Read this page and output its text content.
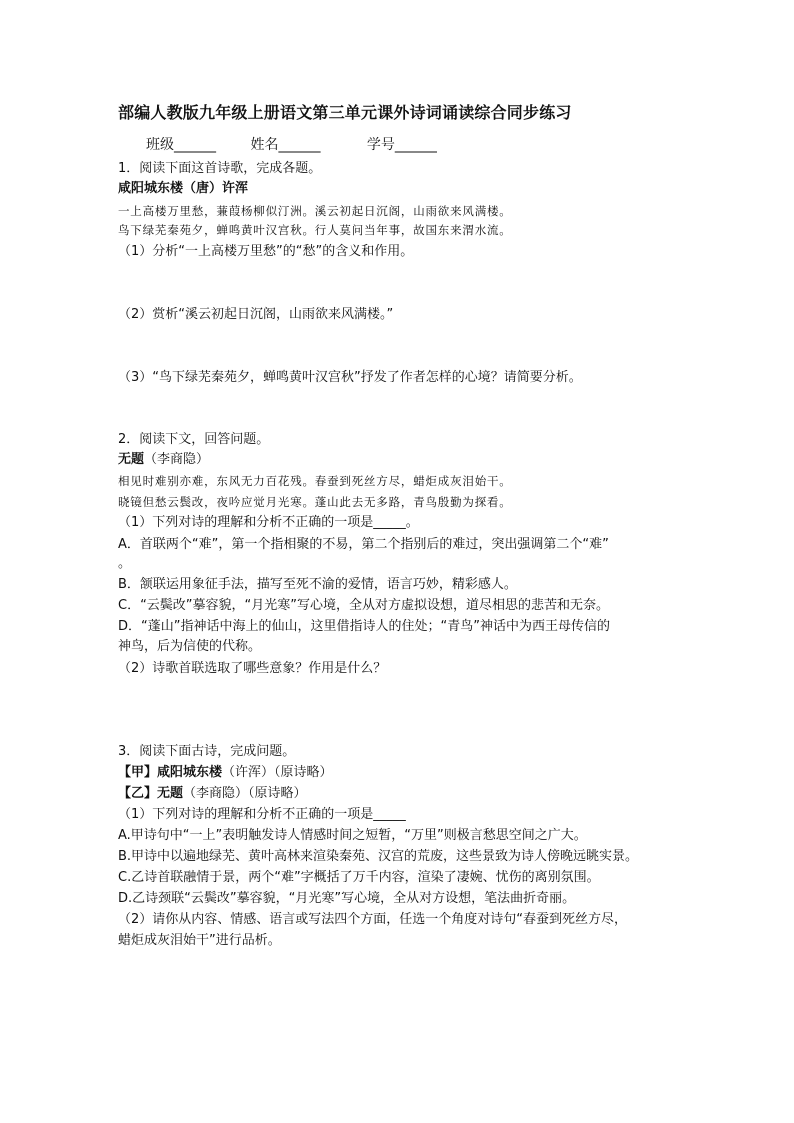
部编人教版九年级上册语文第三单元课外诗词诵读综合同步练习
班级______ 姓名______	学号______
1．阅读下面这首诗歌，完成各题。
咸阳城东楼（唐）许浑
一上高楼万里愁，蒹葭杨柳似汀洲。溪云初起日沉阁，山雨欲来风满楼。
鸟下绿芜秦苑夕，蝉鸣黄叶汉宫秋。行人莫问当年事，故国东来渭水流。
（1）分析“一上高楼万里愁”的“愁”的含义和作用。
（2）赏析“溪云初起日沉阁，山雨欲来风满楼。”
（3）“鸟下绿芜秦苑夕，蝉鸣黄叶汉宫秋”抒发了作者怎样的心境？请简要分析。
2．阅读下文，回答问题。
无题（李商隐）
相见时难别亦难，东风无力百花残。春蚕到死丝方尽，蜡炬成灰泪始干。
晓镜但愁云鬓改，夜吟应觉月光寒。蓬山此去无多路，青鸟殷勤为探看。
（1）下列对诗的理解和分析不正确的一项是_____。
A．首联两个“难”，第一个指相聚的不易，第二个指别后的难过，突出强调第二个“难”
。
B．颔联运用象征手法，描写至死不渝的爱情，语言巧妙，精彩感人。
C．“云鬓改”摹容貌，“月光寒”写心境，全从对方虚拟设想，道尽相思的悲苦和无奈。
D．“蓬山”指神话中海上的仙山，这里借指诗人的住处；“青鸟”神话中为西王母传信的
神鸟，后为信使的代称。
（2）诗歌首联选取了哪些意象？作用是什么？
3．阅读下面古诗，完成问题。
【甲】咸阳城东楼（许浑）（原诗略）
【乙】无题（李商隐）（原诗略）
（1）下列对诗的理解和分析不正确的一项是_____
A.甲诗句中“一上”表明触发诗人情感时间之短暂，“万里”则极言愁思空间之广大。
B.甲诗中以遍地绿芜、黄叶高林来渲染秦苑、汉宫的荒废，这些景致为诗人傍晚远眺实景。
C.乙诗首联融情于景，两个“难”字概括了万千内容，渲染了凄婉、忧伤的离别氛围。
D.乙诗颈联“云鬓改”摹容貌，“月光寒”写心境，全从对方设想，笔法曲折奇丽。
（2）请你从内容、情感、语言或写法四个方面，任选一个角度对诗句“春蚕到死丝方尽，
蜡炬成灰泪始干”进行品析。
